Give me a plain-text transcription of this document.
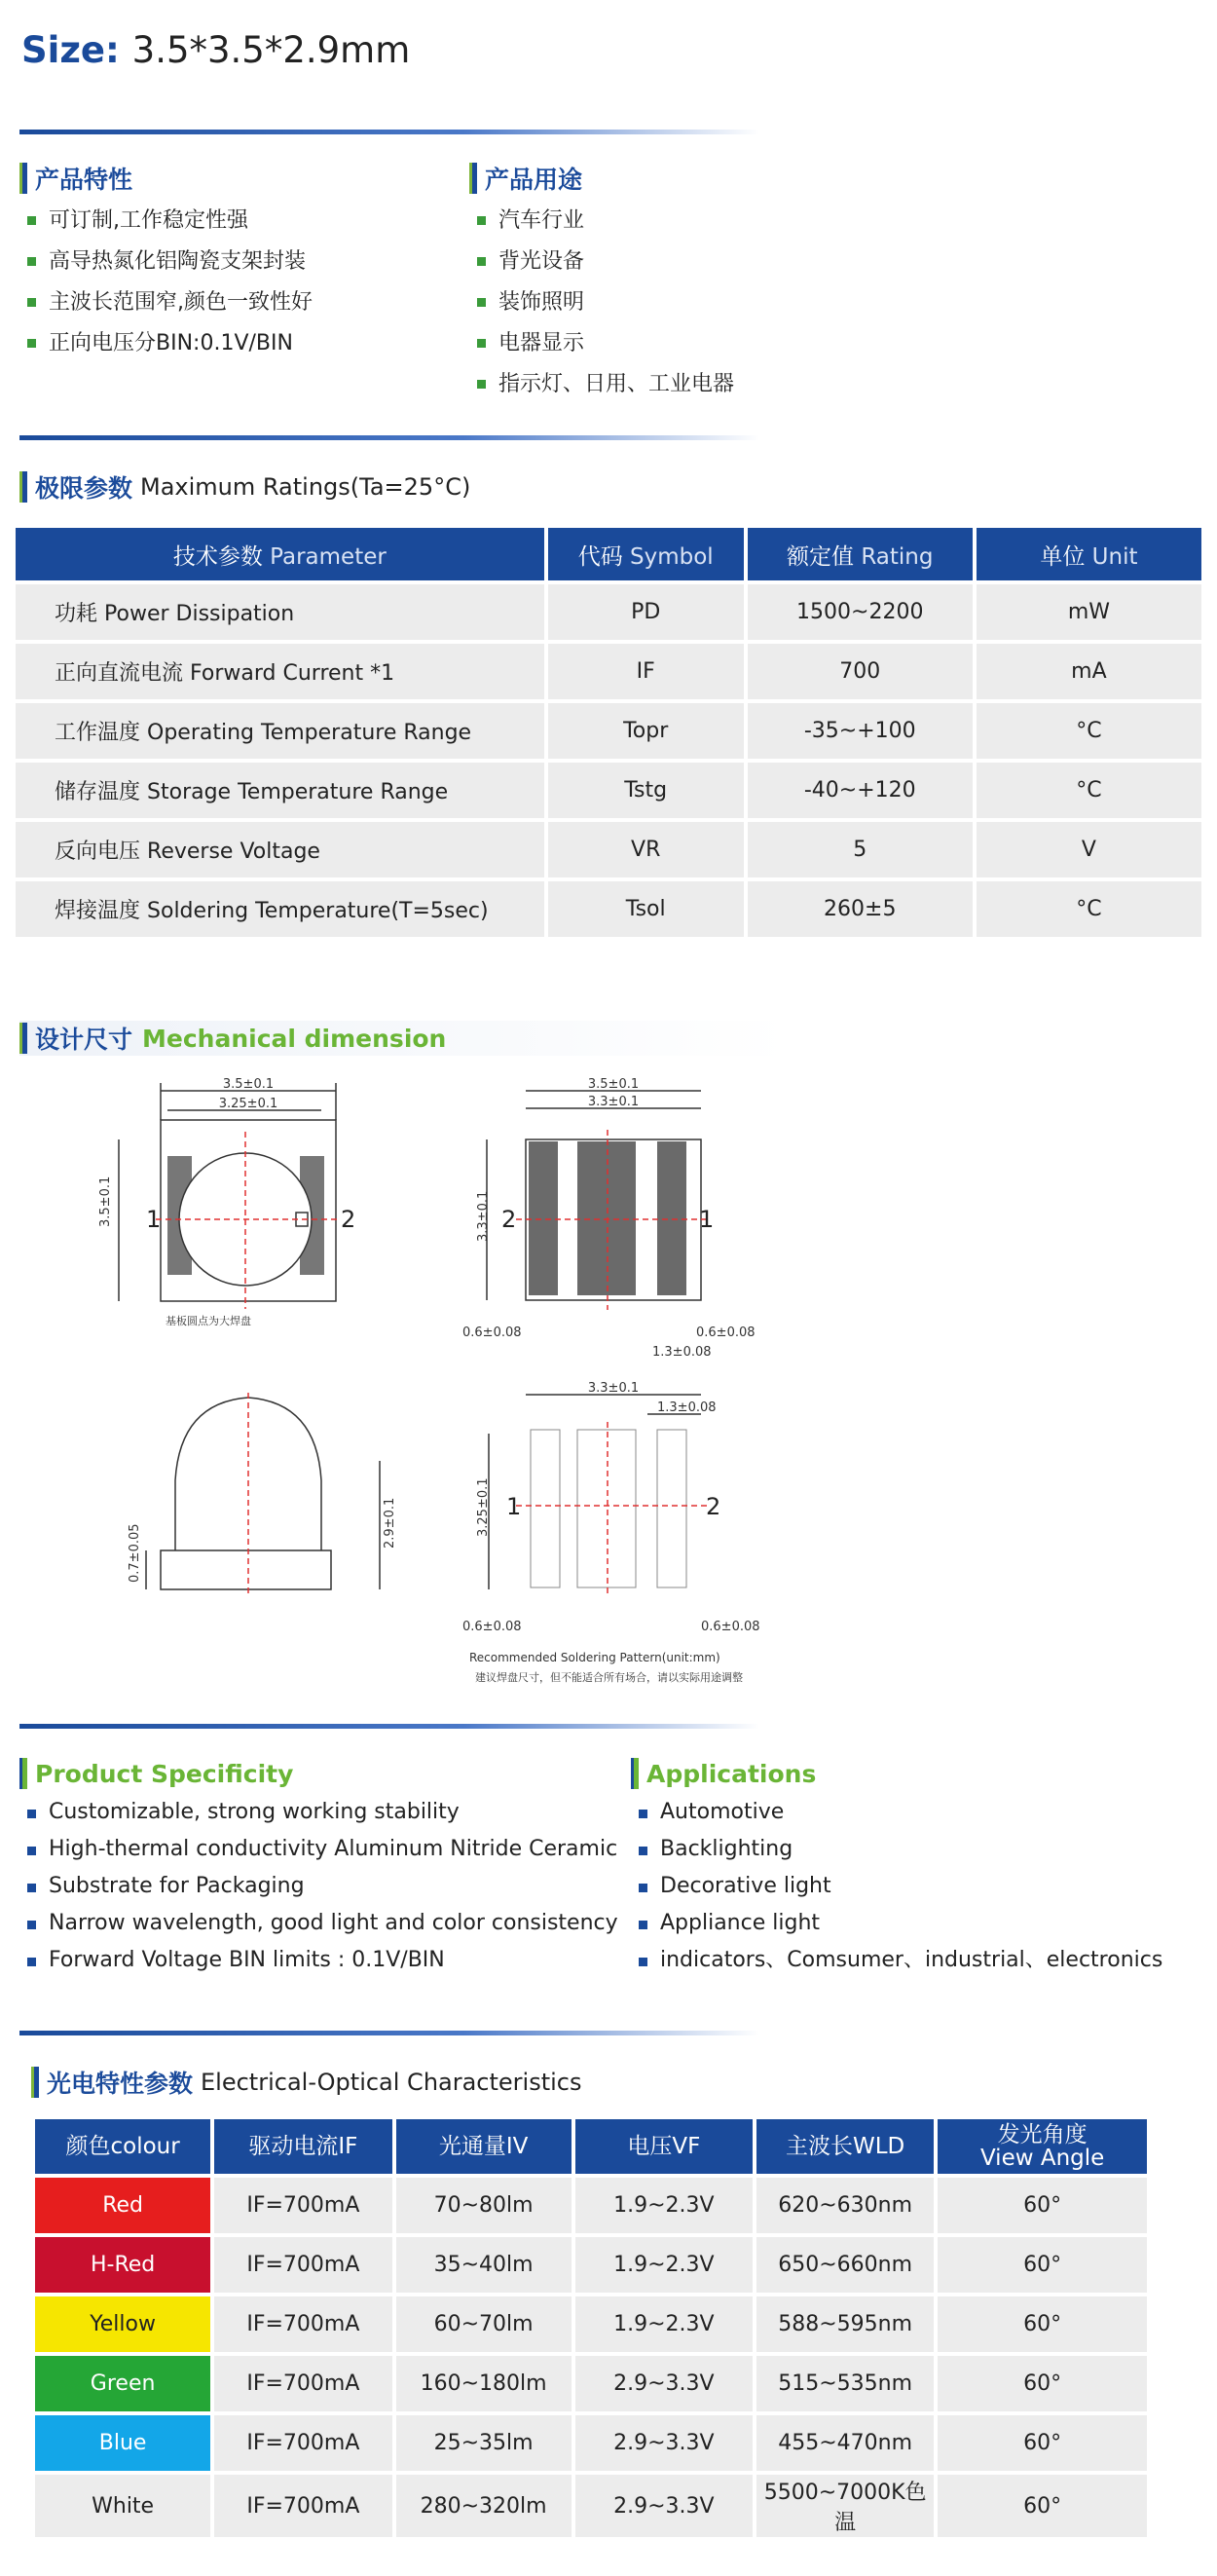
Size: 3.5*3.5*2.9mm
产品特性
可订制,工作稳定性强
高导热氮化铝陶瓷支架封装
主波长范围窄,颜色一致性好
正向电压分BIN:0.1V/BIN
产品用途
汽车行业
背光设备
装饰照明
电器显示
指示灯、日用、工业电器
极限参数 Maximum Ratings(Ta=25°C)
技术参数 Parameter	代码 Symbol	额定值 Rating	单位 Unit
功耗 Power Dissipation	PD	1500~2200	mW
正向直流电流 Forward Current *1	IF	700	mA
工作温度 Operating Temperature Range	Topr	-35~+100	°C
储存温度 Storage Temperature Range	Tstg	-40~+120	°C
反向电压 Reverse Voltage	VR	5	V
焊接温度 Soldering Temperature(T=5sec)	Tsol	260±5	°C
设计尺寸 Mechanical dimension
3.5±0.1
3.25±0.1
3.5±0.1 1	2
基板圆点为大焊盘
3.5±0.1
3.3±0.1
3.3±0.1 2	1
0.6±0.08	0.6±0.08
1.3±0.08
0.7±0.05
2.9±0.1
3.3±0.1
1.3±0.08
3.25±0.1 1	2
0.6±0.08	0.6±0.08
Recommended Soldering Pattern(unit:mm)
建议焊盘尺寸，但不能适合所有场合，请以实际用途调整
Product Specificity
Customizable, strong working stability
High-thermal conductivity Aluminum Nitride Ceramic
Substrate for Packaging
Narrow wavelength, good light and color consistency
Forward Voltage BIN limits : 0.1V/BIN
Applications
Automotive
Backlighting
Decorative light
Appliance light
indicators、Comsumer、industrial、electronics
光电特性参数 Electrical-Optical Characteristics
颜色colour	驱动电流IF	光通量IV	电压VF	主波长WLD	发光角度
View Angle
Red	IF=700mA	70~80lm	1.9~2.3V	620~630nm	60°
H-Red	IF=700mA	35~40lm	1.9~2.3V	650~660nm	60°
Yellow	IF=700mA	60~70lm	1.9~2.3V	588~595nm	60°
Green	IF=700mA	160~180lm	2.9~3.3V	515~535nm	60°
Blue	IF=700mA	25~35lm	2.9~3.3V	455~470nm	60°
White	IF=700mA	280~320lm	2.9~3.3V	5500~7000K色温	60°
